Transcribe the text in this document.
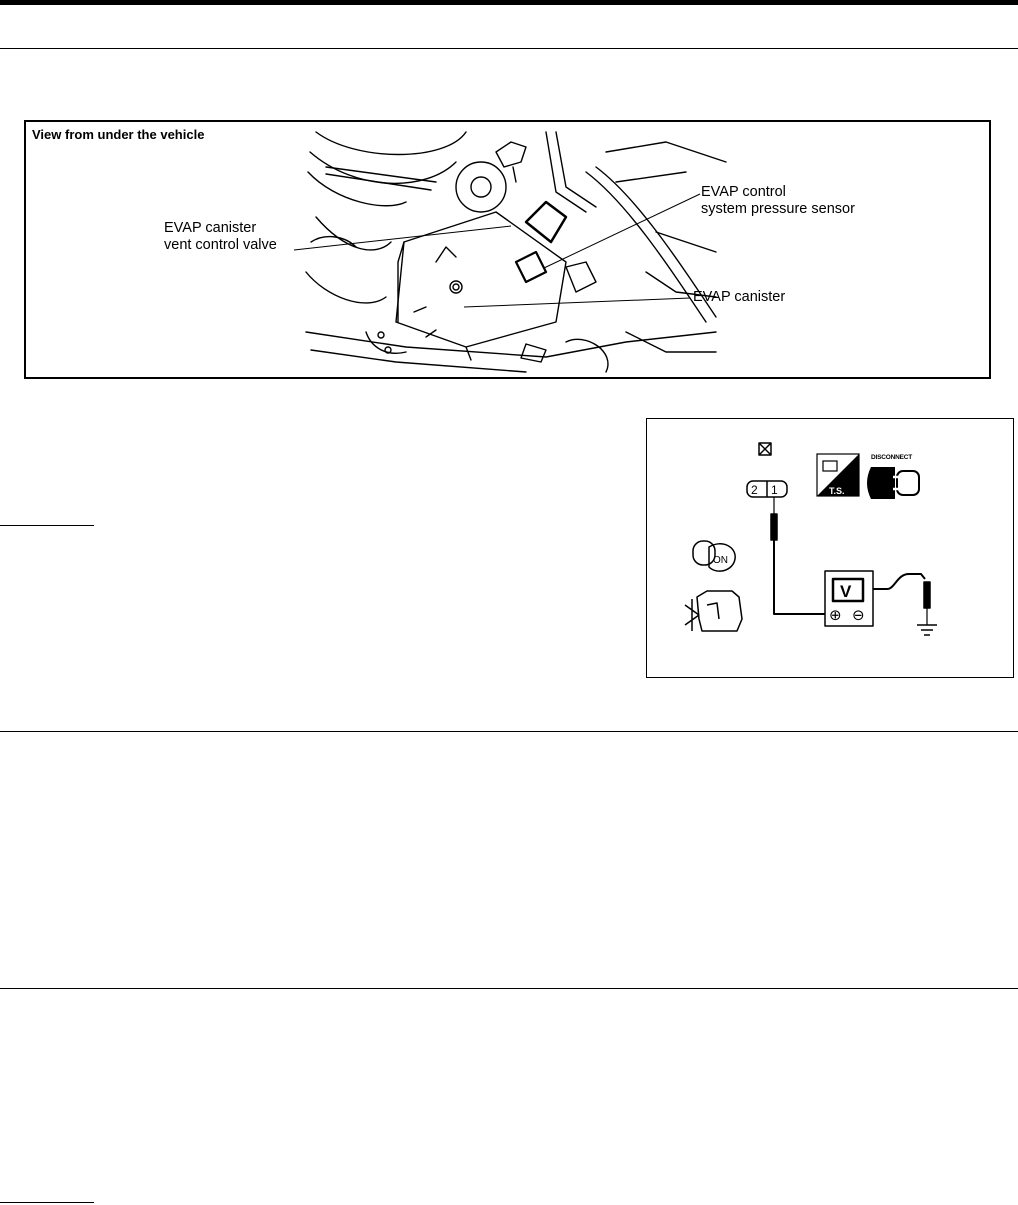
View from under the vehicle
EVAP canister
vent control valve
EVAP control
system pressure sensor
EVAP canister
2 1	T.S.
ON
V
⊕ ⊖
DISCONNECT
